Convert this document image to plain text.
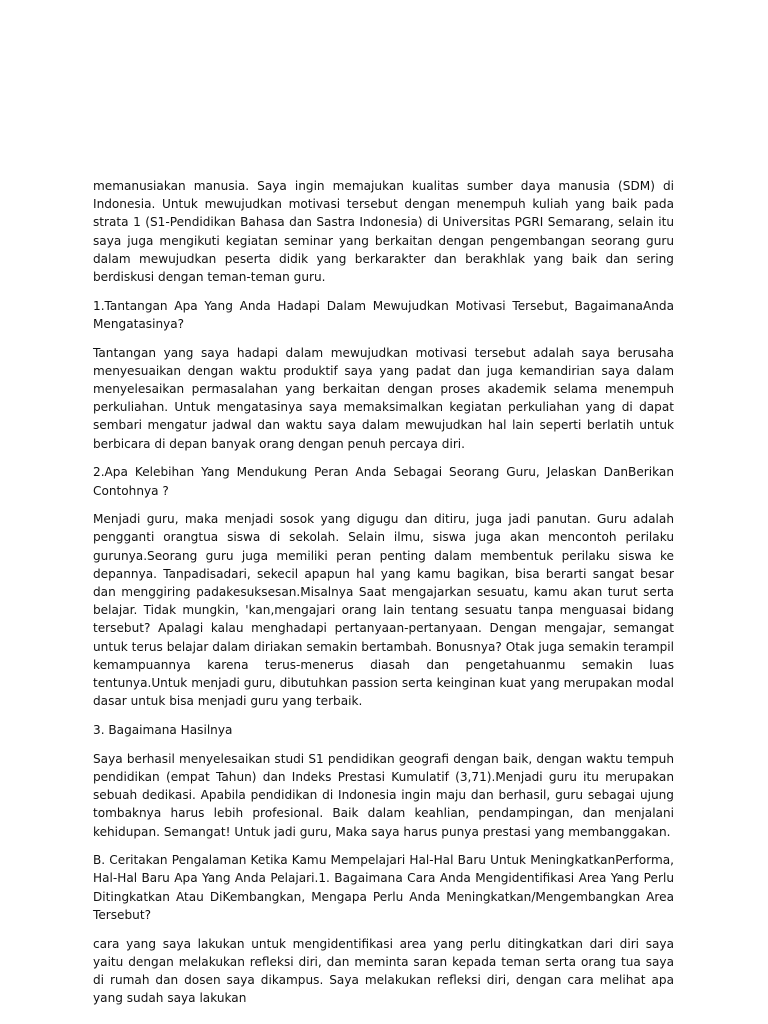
memanusiakan manusia. Saya ingin memajukan kualitas sumber daya manusia (SDM) di Indonesia. Untuk mewujudkan motivasi tersebut dengan menempuh kuliah yang baik pada strata 1 (S1-Pendidikan Bahasa dan Sastra Indonesia) di Universitas PGRI Semarang, selain itu saya juga mengikuti kegiatan seminar yang berkaitan dengan pengembangan seorang guru dalam mewujudkan peserta didik yang berkarakter dan berakhlak yang baik dan sering berdiskusi dengan teman-teman guru.

1.Tantangan Apa Yang Anda Hadapi Dalam Mewujudkan Motivasi Tersebut, BagaimanaAnda Mengatasinya?

Tantangan yang saya hadapi dalam mewujudkan motivasi tersebut adalah saya berusaha menyesuaikan dengan waktu produktif saya yang padat dan juga kemandirian saya dalam menyelesaikan permasalahan yang berkaitan dengan proses akademik selama menempuh perkuliahan. Untuk mengatasinya saya memaksimalkan kegiatan perkuliahan yang di dapat sembari mengatur jadwal dan waktu saya dalam mewujudkan hal lain seperti berlatih untuk berbicara di depan banyak orang dengan penuh percaya diri.

2.Apa Kelebihan Yang Mendukung Peran Anda Sebagai Seorang Guru, Jelaskan DanBerikan Contohnya ?

Menjadi guru, maka menjadi sosok yang digugu dan ditiru, juga jadi panutan. Guru adalah pengganti orangtua siswa di sekolah. Selain ilmu, siswa juga akan mencontoh perilaku gurunya.Seorang guru juga memiliki peran penting dalam membentuk perilaku siswa ke depannya. Tanpadisadari, sekecil apapun hal yang kamu bagikan, bisa berarti sangat besar dan menggiring padakesuksesan.Misalnya Saat mengajarkan sesuatu, kamu akan turut serta belajar. Tidak mungkin, 'kan,mengajari orang lain tentang sesuatu tanpa menguasai bidang tersebut? Apalagi kalau menghadapi pertanyaan-pertanyaan. Dengan mengajar, semangat untuk terus belajar dalam diriakan semakin bertambah. Bonusnya? Otak juga semakin terampil kemampuannya karena terus-menerus diasah dan pengetahuanmu semakin luas tentunya.Untuk menjadi guru, dibutuhkan passion serta keinginan kuat yang merupakan modal dasar untuk bisa menjadi guru yang terbaik.

3. Bagaimana Hasilnya

Saya berhasil menyelesaikan studi S1 pendidikan geografi dengan baik, dengan waktu tempuh pendidikan (empat Tahun) dan Indeks Prestasi Kumulatif (3,71).Menjadi guru itu merupakan sebuah dedikasi. Apabila pendidikan di Indonesia ingin maju dan berhasil, guru sebagai ujung tombaknya harus lebih profesional. Baik dalam keahlian, pendampingan, dan menjalani kehidupan. Semangat! Untuk jadi guru, Maka saya harus punya prestasi yang membanggakan.

B. Ceritakan Pengalaman Ketika Kamu Mempelajari Hal-Hal Baru Untuk MeningkatkanPerforma, Hal-Hal Baru Apa Yang Anda Pelajari.1. Bagaimana Cara Anda Mengidentifikasi Area Yang Perlu Ditingkatkan Atau DiKembangkan, Mengapa Perlu Anda Meningkatkan/Mengembangkan Area Tersebut?

cara yang saya lakukan untuk mengidentifikasi area yang perlu ditingkatkan dari diri saya yaitu dengan melakukan refleksi diri, dan meminta saran kepada teman serta orang tua saya di rumah dan dosen saya dikampus. Saya melakukan refleksi diri, dengan cara melihat apa yang sudah saya lakukan
